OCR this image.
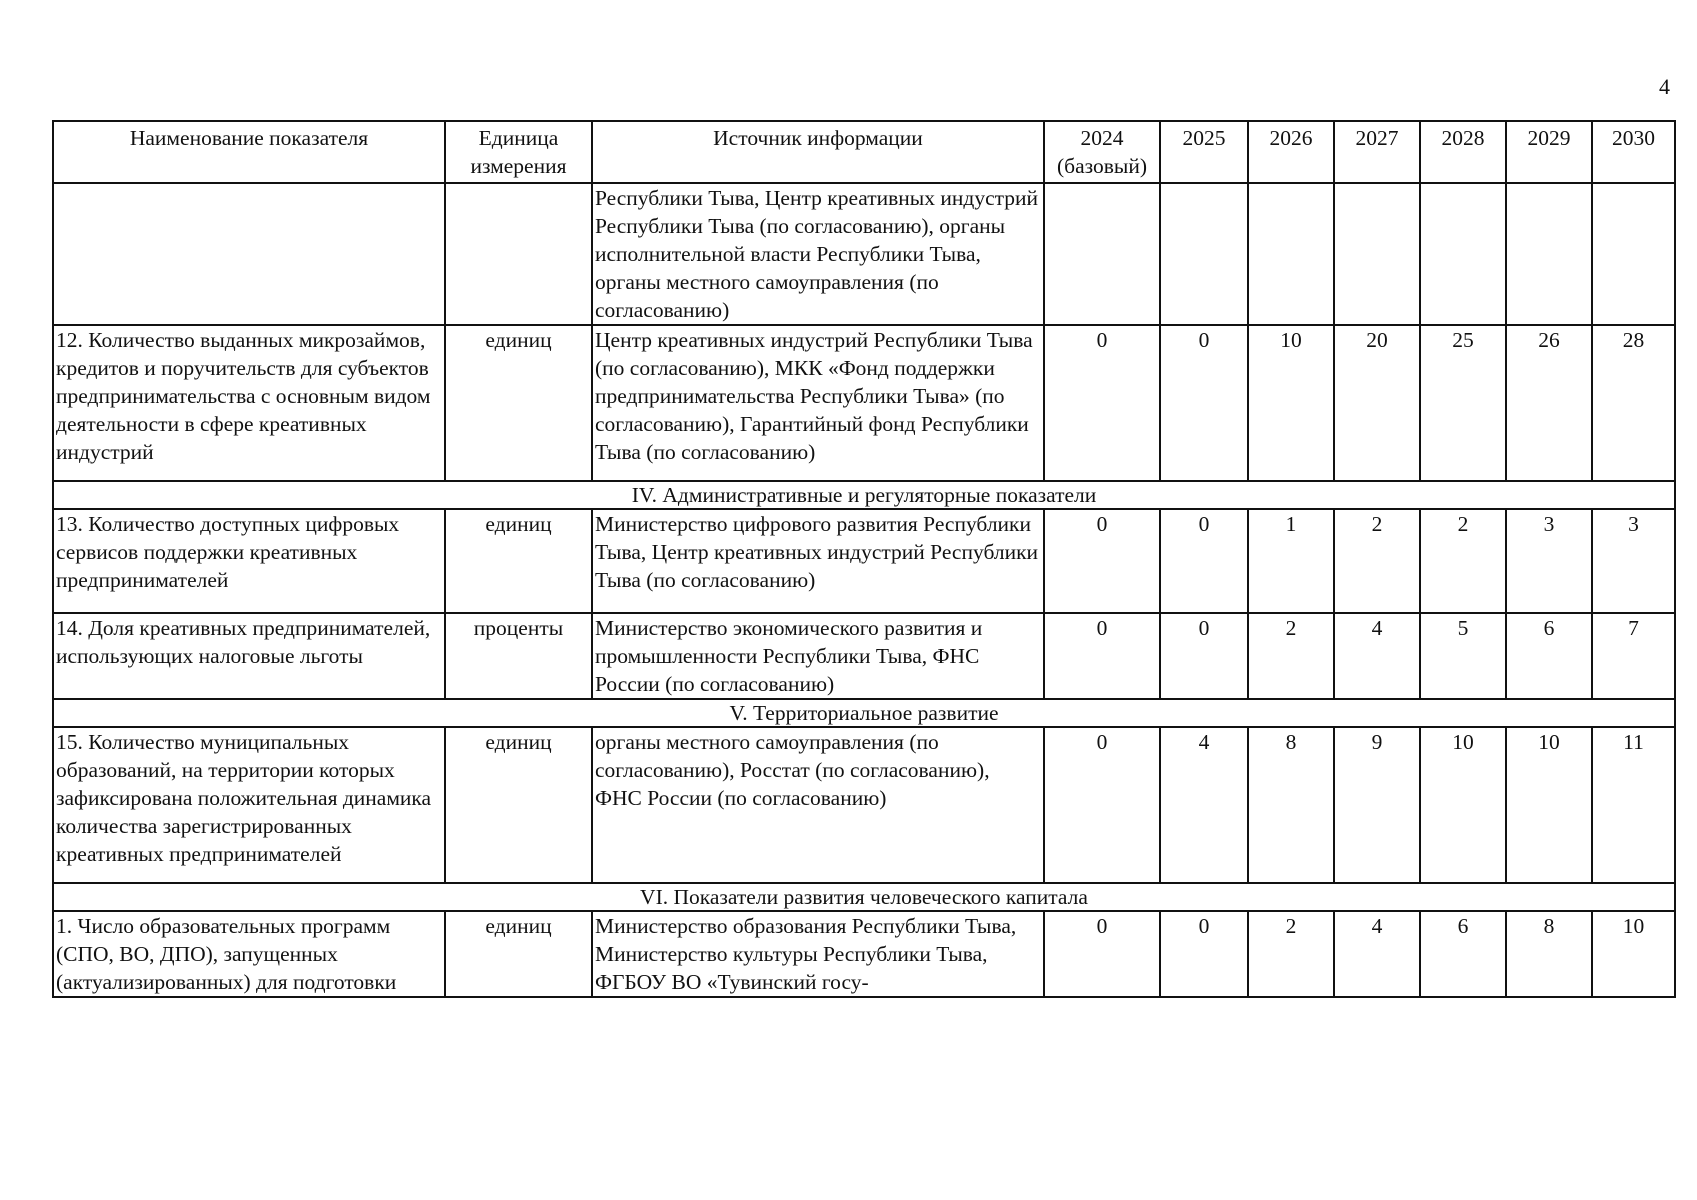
4
Наименование показателя	Единица измерения	Источник информации	2024 (базовый)	2025	2026	2027	2028	2029	2030
		Республики Тыва, Центр креативных индустрий Республики Тыва (по согласованию), органы исполнительной власти Республики Тыва, органы местного самоуправления (по согласованию)							
12. Количество выданных микрозаймов, кредитов и поручительств для субъектов предпринимательства с основным видом деятельности в сфере креативных индустрий	единиц	Центр креативных индустрий Республики Тыва (по согласованию), МКК «Фонд поддержки предпринимательства Республики Тыва» (по согласованию), Гарантийный фонд Республики Тыва (по согласованию)	0	0	10	20	25	26	28
IV. Административные и регуляторные показатели									
13. Количество доступных цифровых сервисов поддержки креативных предпринимателей	единиц	Министерство цифрового развития Республики Тыва, Центр креативных индустрий Республики Тыва (по согласованию)	0	0	1	2	2	3	3
14. Доля креативных предпринимателей, использующих налоговые льготы	проценты	Министерство экономического развития и промышленности Республики Тыва, ФНС России (по согласованию)	0	0	2	4	5	6	7
V. Территориальное развитие									
15. Количество муниципальных образований, на территории которых зафиксирована положительная динамика количества зарегистрированных креативных предпринимателей	единиц	органы местного самоуправления (по согласованию), Росстат (по согласованию), ФНС России (по согласованию)	0	4	8	9	10	10	11
VI. Показатели развития человеческого капитала									
1. Число образовательных программ (СПО, ВО, ДПО), запущенных (актуализированных) для подготовки	единиц	Министерство образования Республики Тыва, Министерство культуры Республики Тыва, ФГБОУ ВО «Тувинский госу-	0	0	2	4	6	8	10
